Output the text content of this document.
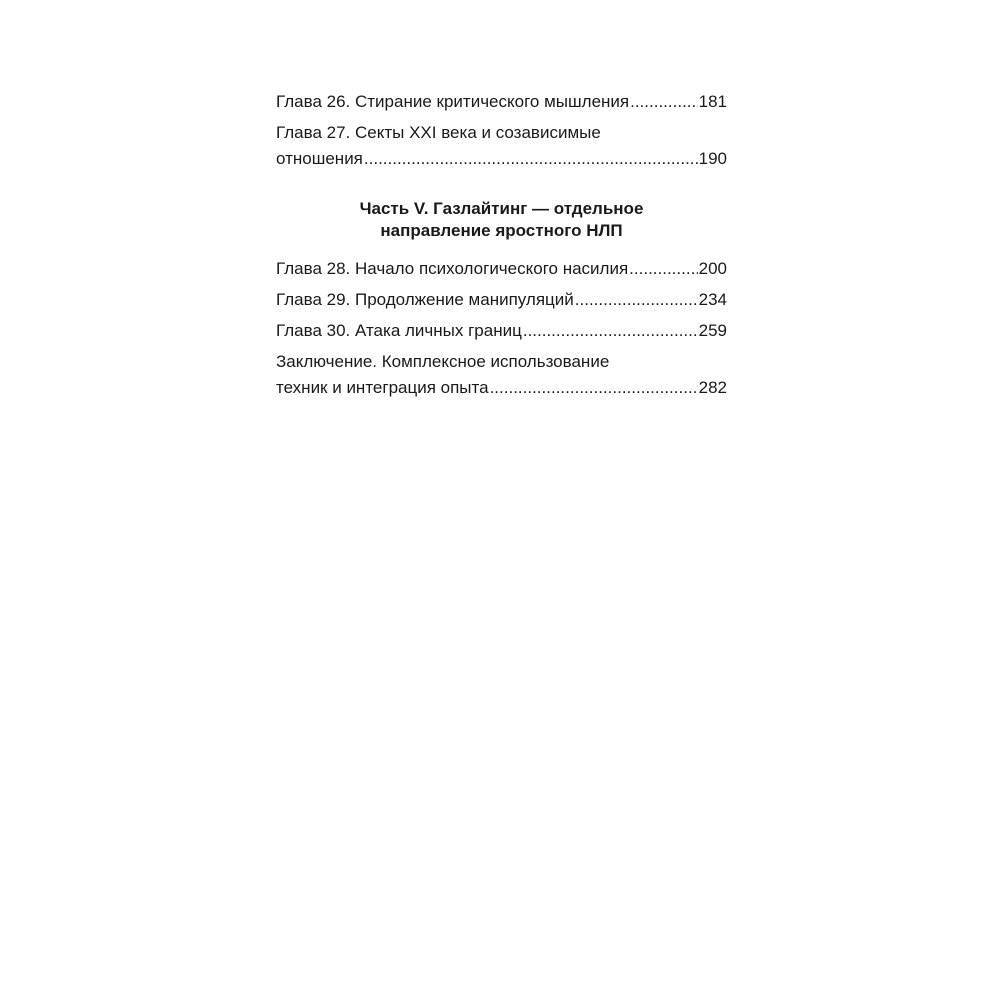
Глава 26. Стирание критического мышления .....	181
Глава 27. Секты XXI века и созависимые
отношения .....	190
Часть V. Газлайтинг — отдельное
направление яростного НЛП
Глава 28. Начало психологического насилия .....	200
Глава 29. Продолжение манипуляций .....	234
Глава 30. Атака личных границ .....	259
Заключение. Комплексное использование
техник и интеграция опыта .....	282
